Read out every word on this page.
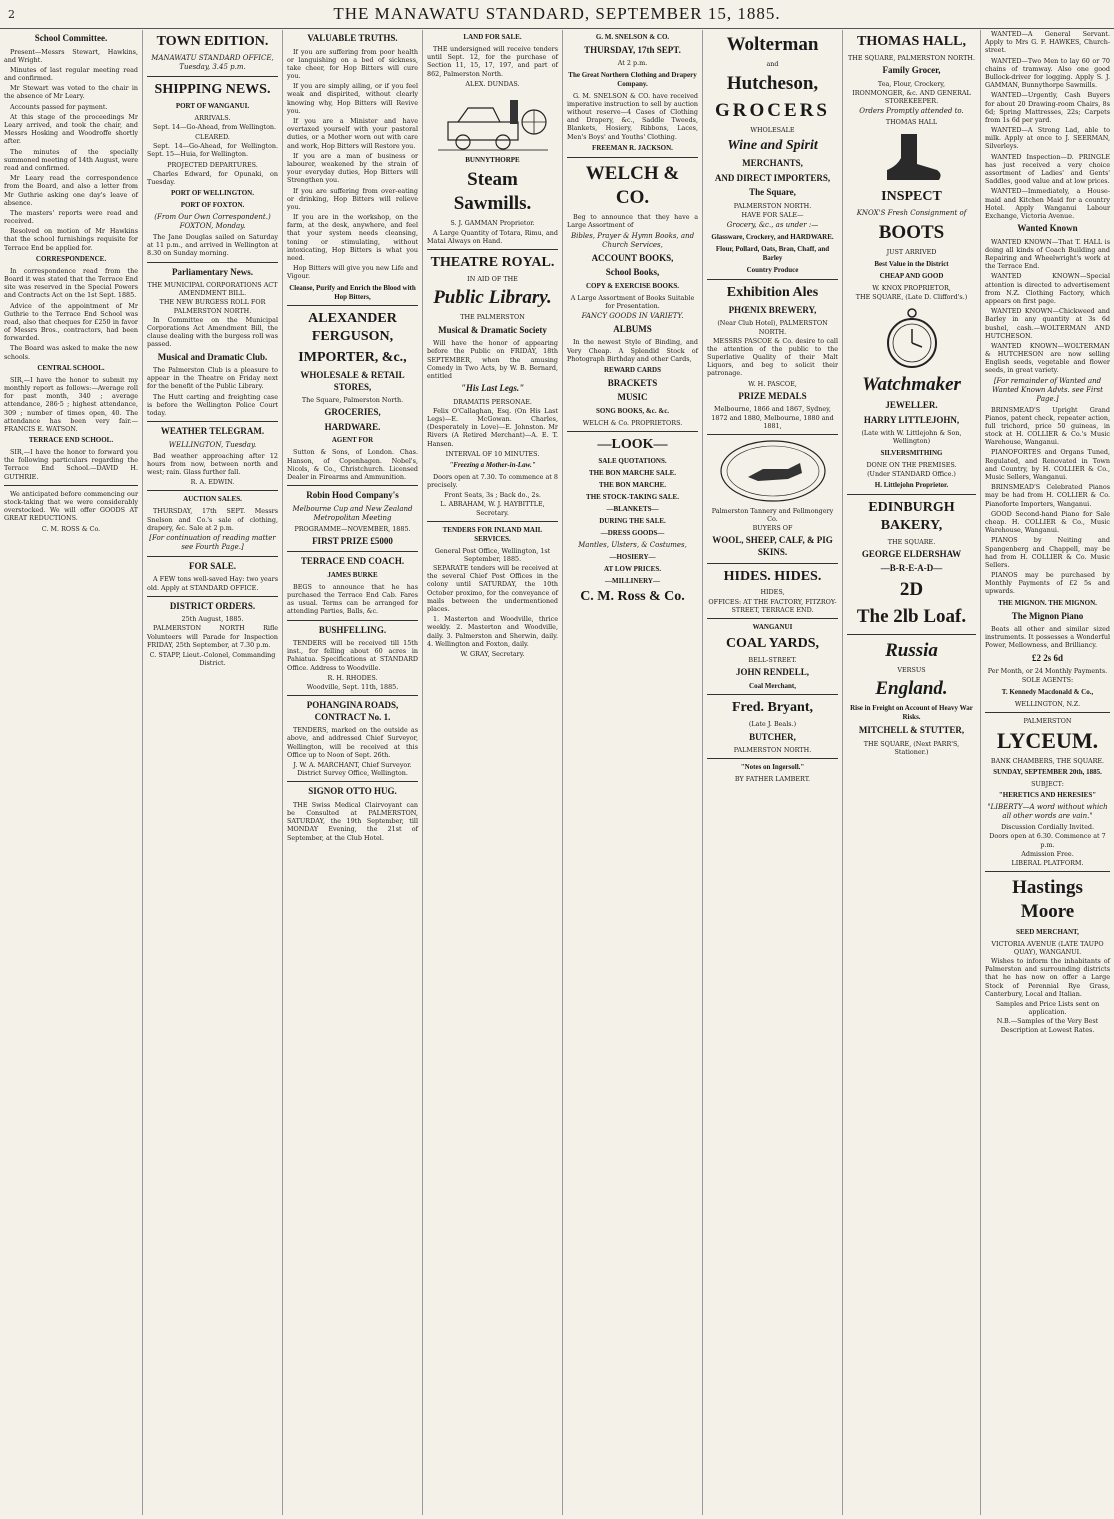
2	THE MANAWATU STANDARD, SEPTEMBER 15, 1885.
School Committee.

Present—Messrs Stewart, Hawkins, and Wright.

Minutes of last regular meeting read and confirmed.

Mr Stewart was voted to the chair in the absence of Mr Leary.

Accounts passed for payment.

At this stage of the proceedings Mr Leary arrived, and took the chair, and Messrs Hosking and Woodroffe shortly after.

The minutes of the specially summoned meeting of 14th August, were read and confirmed.

Mr Leary read the correspondence from the Board, and also a letter from Mr Guthrie asking one day's leave of absence.

The masters' reports were read and received.

Resolved on motion of Mr Hawkins that the school furnishings requisite for Terrace End be applied for.

CORRESPONDENCE.

In correspondence read from the Board it was stated that the Terrace End site was reserved in the Special Powers and Contracts Act on the 1st Sept. 1885.

Advice of the appointment of Mr Guthrie to the Terrace End School was read, also that cheques for £250 in favor of Messrs Bros., contractors, had been forwarded.

The Board was asked to make the new schools.

CENTRAL SCHOOL.

SIR,—I have the honor to submit my monthly report as follows:—Average roll for past month, 340 ; average attendance, 286·5 ; highest attendance, 309 ; number of times open, 40. The attendance has been very fair.—FRANCIS E. WATSON.

TERRACE END SCHOOL.

SIR,—I have the honor to forward you the following particulars regarding the Terrace End School.—DAVID H. GUTHRIE.

We anticipated before commencing our stock-taking that we were considerably overstocked. We will offer GOODS AT GREAT REDUCTIONS.

C. M. ROSS & Co.
TOWN EDITION.
MANAWATU STANDARD OFFICE, Tuesday, 3.45 p.m.
SHIPPING NEWS.
PORT OF WANGANUI.
ARRIVALS.

Sept. 14—Go-Ahead, from Wellington.

CLEARED.

Sept. 14—Go-Ahead, for Wellington. Sept. 15—Huia, for Wellington.

PROJECTED DEPARTURES.

Charles Edward, for Opunaki, on Tuesday.

PORT OF WELLINGTON.
PORT OF FOXTON.
(From Our Own Correspondent.) FOXTON, Monday.

The Jane Douglas sailed on Saturday at 11 p.m., and arrived in Wellington at 8.30 on Sunday morning.

Parliamentary News.
THE MUNICIPAL CORPORATIONS ACT AMENDMENT BILL.
THE NEW BURGESS ROLL FOR PALMERSTON NORTH.

In Committee on the Municipal Corporations Act Amendment Bill, the clause dealing with the burgess roll was passed.

Musical and Dramatic Club.

The Palmerston Club is a pleasure to appear in the Theatre on Friday next for the benefit of the Public Library.

The Hutt carting and freighting case is before the Wellington Police Court today.

WEATHER TELEGRAM.
WELLINGTON, Tuesday.

Bad weather approaching after 12 hours from now, between north and west; rain. Glass further fall.

R. A. EDWIN.
AUCTION SALES.

THURSDAY, 17th SEPT. Messrs Snelson and Co.'s sale of clothing, drapery, &c. Sale at 2 p.m.

[For continuation of reading matter see Fourth Page.]
FOR SALE.

A FEW tons well-saved Hay: two years old. Apply at STANDARD OFFICE.

DISTRICT ORDERS.
25th August, 1885.

PALMERSTON NORTH Rifle Volunteers will Parade for Inspection FRIDAY, 25th September, at 7.30 p.m.

C. STAPP, Lieut.-Colonel, Commanding District.
VALUABLE TRUTHS.

If you are suffering from poor health or languishing on a bed of sickness, take cheer, for Hop Bitters will cure you.

If you are simply ailing, or if you feel weak and dispirited, without clearly knowing why, Hop Bitters will Revive you.

If you are a Minister and have overtaxed yourself with your pastoral duties, or a Mother worn out with care and work, Hop Bitters will Restore you.

If you are a man of business or labourer, weakened by the strain of your everyday duties, Hop Bitters will Strengthen you.

If you are suffering from over-eating or drinking, Hop Bitters will relieve you.

If you are in the workshop, on the farm, at the desk, anywhere, and feel that your system needs cleansing, toning or stimulating, without intoxicating, Hop Bitters is what you need.

Hop Bitters will give you new Life and Vigour.

Cleanse, Purify and Enrich the Blood with Hop Bitters,
ALEXANDER FERGUSON,
IMPORTER, &c.,
WHOLESALE & RETAIL STORES,
The Square, Palmerston North.
GROCERIES,
HARDWARE.
AGENT FOR

Sutton & Sons, of London. Chas. Hanson, of Copenhagen. Nobel's, Nicols, & Co., Christchurch. Licensed Dealer in Firearms and Ammunition.

Robin Hood Company's
Melbourne Cup and New Zealand Metropolitan Meeting
PROGRAMME—NOVEMBER, 1885.
FIRST PRIZE £5000
TERRACE END COACH.
JAMES BURKE

BEGS to announce that he has purchased the Terrace End Cab. Fares as usual. Terms can be arranged for attending Parties, Balls, &c.

BUSHFELLING.

TENDERS will be received till 15th inst., for felling about 60 acres in Pahiatua. Specifications at STANDARD Office. Address to Woodville.

R. H. RHODES.
Woodville, Sept. 11th, 1885.
POHANGINA ROADS, CONTRACT No. 1.

TENDERS, marked on the outside as above, and addressed Chief Surveyor, Wellington, will be received at this Office up to Noon of Sept. 26th.

J. W. A. MARCHANT, Chief Surveyor. District Survey Office, Wellington.
SIGNOR OTTO HUG.

THE Swiss Medical Clairvoyant can be Consulted at PALMERSTON, SATURDAY, the 19th September, till MONDAY Evening, the 21st of September, at the Club Hotel.

LAND FOR SALE.

THE undersigned will receive tenders until Sept. 12, for the purchase of Section 11, 15, 17, 197, and part of 862, Palmerston North.

ALEX. DUNDAS.
BUNNYTHORPE
Steam Sawmills.
S. J. GAMMAN Proprietor.

A Large Quantity of Totara, Rimu, and Matai Always on Hand.

THEATRE ROYAL.
IN AID OF THE
Public Library.
THE PALMERSTON
Musical & Dramatic Society

Will have the honor of appearing before the Public on FRIDAY, 18th SEPTEMBER, when the amusing Comedy in Two Acts, by W. B. Bernard, entitled

"His Last Legs."
DRAMATIS PERSONAE.

Felix O'Callaghan, Esq. (On His Last Legs)—E. McGowan. Charles, (Desperately in Love)—E. Johnston. Mr Rivers (A Retired Merchant)—A. E. T. Hansen.

INTERVAL OF 10 MINUTES.
"Freezing a Mother-in-Law."

Doors open at 7.30. To commence at 8 precisely.

Front Seats, 3s ; Back do., 2s.
L. ABRAHAM, W. J. HAYBITTLE, Secretary.
TENDERS FOR INLAND MAIL SERVICES.
General Post Office, Wellington, 1st September, 1885.

SEPARATE tenders will be received at the several Chief Post Offices in the colony until SATURDAY, the 10th October proximo, for the conveyance of mails between the undermentioned places.

1. Masterton and Woodville, thrice weekly. 2. Masterton and Woodville, daily. 3. Palmerston and Sherwin, daily. 4. Wellington and Foxton, daily.

W. GRAY, Secretary.
G. M. SNELSON & CO.
THURSDAY, 17th SEPT.
At 2 p.m.
The Great Northern Clothing and Drapery Company.

G. M. SNELSON & CO. have received imperative instruction to sell by auction without reserve—4 Cases of Clothing and Drapery, &c., Saddle Tweeds, Blankets, Hosiery, Ribbons, Laces, Men's Boys' and Youths' Clothing.

FREEMAN R. JACKSON.
WELCH & CO.

Beg to announce that they have a Large Assortment of

Bibles, Prayer & Hymn Books, and Church Services,
ACCOUNT BOOKS,
School Books,
COPY & EXERCISE BOOKS.
A Large Assortment of Books Suitable for Presentation.
FANCY GOODS IN VARIETY.
ALBUMS

In the newest Style of Binding, and Very Cheap. A Splendid Stock of Photograph Birthday and other Cards,

REWARD CARDS
BRACKETS
MUSIC
SONG BOOKS, &c. &c.
WELCH & Co. PROPRIETORS.
—LOOK—
SALE QUOTATIONS.
THE BON MARCHE SALE.
THE BON MARCHE.
THE STOCK-TAKING SALE.
—BLANKETS—
DURING THE SALE.
—DRESS GOODS—
Mantles, Ulsters, & Costumes,
—HOSIERY—
AT LOW PRICES.
—MILLINERY—
C. M. Ross & Co.
Wolterman
and
Hutcheson,
GROCERS
WHOLESALE
Wine and Spirit
MERCHANTS,
AND DIRECT IMPORTERS,
The Square,
PALMERSTON NORTH.
HAVE FOR SALE—
Grocery, &c., as under :—
Glassware, Crockery, and HARDWARE.
Flour, Pollard, Oats, Bran, Chaff, and Barley
Country Produce
Exhibition Ales
PHŒNIX BREWERY,
(Near Club Hotel), PALMERSTON NORTH.

MESSRS PASCOE & Co. desire to call the attention of the public to the Superlative Quality of their Malt Liquors, and beg to solicit their patronage.

W. H. PASCOE,
PRIZE MEDALS
Melbourne, 1866 and 1867, Sydney, 1872 and 1880, Melbourne, 1880 and 1881,
Palmerston Tannery and Fellmongery Co.
BUYERS OF
WOOL, SHEEP, CALF, & PIG SKINS.
HIDES. HIDES.
HIDES,
OFFICES: AT THE FACTORY, FITZROY-STREET, TERRACE END.
WANGANUI
COAL YARDS,
BELL-STREET.
JOHN RENDELL,
Coal Merchant,
Fred. Bryant,
(Late J. Beals.)
BUTCHER,
PALMERSTON NORTH.
"Notes on Ingersoll."
BY FATHER LAMBERT.
THOMAS HALL,
THE SQUARE, PALMERSTON NORTH.
Family Grocer,
Tea, Flour, Crockery,
IRONMONGER, &c. AND GENERAL STOREKEEPER.
Orders Promptly attended to.
THOMAS HALL
INSPECT
KNOX'S Fresh Consignment of
BOOTS
JUST ARRIVED
Best Value in the District
CHEAP AND GOOD
W. KNOX PROPRIETOR,
THE SQUARE, (Late D. Clifford's.)
Watchmaker
JEWELLER.
HARRY LITTLEJOHN,
(Late with W. Littlejohn & Son, Wellington)
SILVERSMITHING
DONE ON THE PREMISES.
(Under STANDARD Office.)
H. Littlejohn Proprietor.
EDINBURGH BAKERY,
THE SQUARE.
GEORGE ELDERSHAW
—B-R-E-A-D—
2D
The 2lb Loaf.
Russia
VERSUS
England.
Rise in Freight on Account of Heavy War Risks.
MITCHELL & STUTTER,
THE SQUARE, (Next PARR'S, Stationer.)

WANTED—A General Servant. Apply to Mrs G. F. HAWKES, Church-street.

WANTED—Two Men to lay 60 or 70 chains of tramway. Also one good Bullock-driver for logging. Apply S. J. GAMMAN, Bunnythorpe Sawmills.

WANTED—Urgently, Cash Buyers for about 20 Drawing-room Chairs, 8s 6d; Spring Mattresses, 22s; Carpets from 1s 6d per yard.

WANTED—A Strong Lad, able to milk. Apply at once to J. SEERMAN, Silverleys.

WANTED Inspection—D. PRINGLE has just received a very choice assortment of Ladies' and Gents' Saddles, good value and at low prices.

WANTED—Immediately, a House-maid and Kitchen Maid for a country Hotel. Apply Wanganui Labour Exchange, Victoria Avenue.

Wanted Known

WANTED KNOWN—That T. HALL is doing all kinds of Coach Building and Repairing and Wheelwright's work at the Terrace End.

WANTED KNOWN—Special attention is directed to advertisement from N.Z. Clothing Factory, which appears on first page.

WANTED KNOWN—Chickweed and Barley in any quantity at 3s 6d bushel, cash.—WOLTERMAN AND HUTCHESON.

WANTED KNOWN—WOLTERMAN & HUTCHESON are now selling English seeds, vegetable and flower seeds, in great variety.

[For remainder of Wanted and Wanted Known Advts. see First Page.]

BRINSMEAD'S Upright Grand Pianos, patent check, repeater action, full trichord, price 50 guineas, in stock at H. COLLIER & Co.'s Music Warehouse, Wanganui.

PIANOFORTES and Organs Tuned, Regulated, and Renovated in Town and Country, by H. COLLIER & Co., Music Sellers, Wanganui.

BRINSMEAD'S Celebrated Pianos may be had from H. COLLIER & Co. Pianoforte Importers, Wanganui.

GOOD Second-hand Piano for Sale cheap. H. COLLIER & Co., Music Warehouse, Wanganui.

PIANOS by Neiting and Spangenberg and Chappell, may be had from H. COLLIER & Co. Music Sellers.

PIANOS may be purchased by Monthly Payments of £2 5s and upwards.

THE MIGNON. THE MIGNON.
The Mignon Piano

Beats all other and similar sized instruments. It possesses a Wonderful Power, Mellowness, and Brilliancy.

£2 2s 6d
Per Month, or 24 Monthly Payments.
SOLE AGENTS:
T. Kennedy Macdonald & Co.,
WELLINGTON, N.Z.
PALMERSTON
LYCEUM.
BANK CHAMBERS, THE SQUARE.
SUNDAY, SEPTEMBER 20th, 1885.
SUBJECT:
"HERETICS AND HERESIES"
"LIBERTY—A word without which all other words are vain."
Discussion Cordially Invited.
Doors open at 6.30. Commence at 7 p.m.
Admission Free.
LIBERAL PLATFORM.
Hastings Moore
SEED MERCHANT,
VICTORIA AVENUE (LATE TAUPO QUAY), WANGANUI.

Wishes to inform the inhabitants of Palmerston and surrounding districts that he has now on offer a Large Stock of Perennial Rye Grass, Canterbury, Local and Italian.

Samples and Price Lists sent on application.
N.B.—Samples of the Very Best Description at Lowest Rates.
